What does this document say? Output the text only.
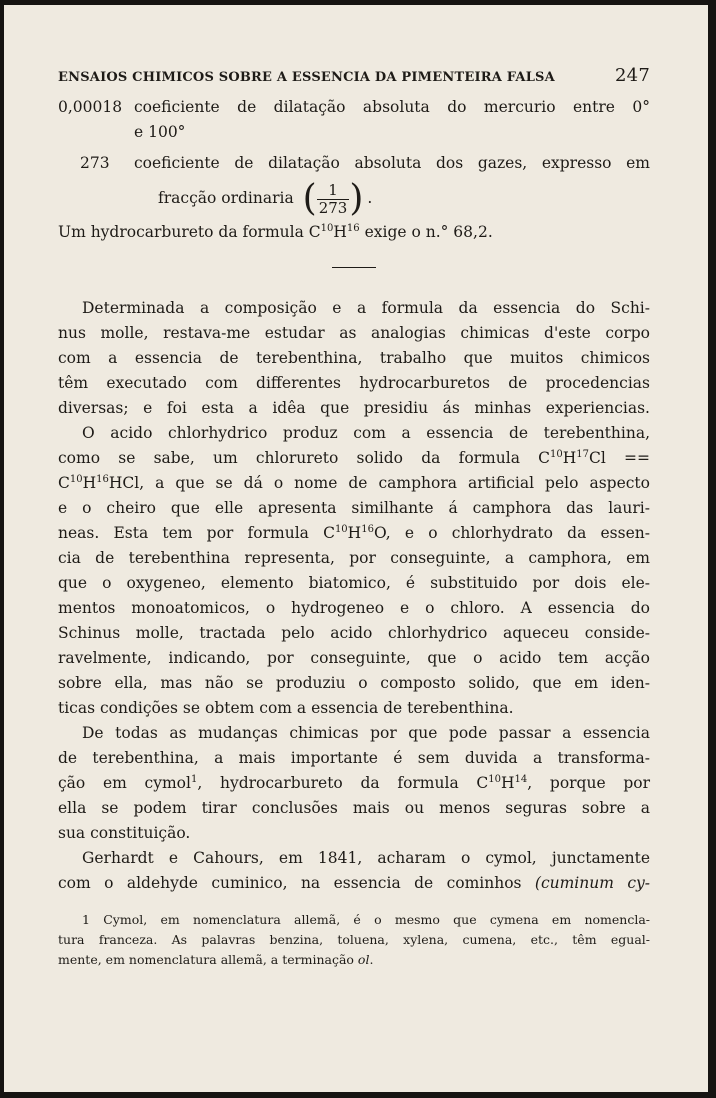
ENSAIOS CHIMICOS SOBRE A ESSENCIA DA PIMENTEIRA FALSA	247
0,00018 coeficiente de dilatação absoluta do mercurio entre 0°
e 100°
273 coeficiente de dilatação absoluta dos gazes, expresso em
fracção ordinaria ( $\frac{1}{273}$ ) .
Um hydrocarbureto da formula $C^{10}H^{16}$ exige o n.° 68,2.
Determinada a composição e a formula da essencia do Schi-
nus molle, restava-me estudar as analogias chimicas d'este corpo
com a essencia de terebenthina, trabalho que muitos chimicos
têm executado com differentes hydrocarburetos de procedencias
diversas; e foi esta a idêa que presidiu ás minhas experiencias.
O acido chlorhydrico produz com a essencia de terebenthina,
como se sabe, um chlorureto solido da formula $C^{10}H^{17}Cl$ ==
$C^{10}H^{16}HCl$, a que se dá o nome de camphora artificial pelo aspecto
e o cheiro que elle apresenta similhante á camphora das lauri-
neas. Esta tem por formula $C^{10}H^{16}O$, e o chlorhydrato da essen-
cia de terebenthina representa, por conseguinte, a camphora, em
que o oxygeneo, elemento biatomico, é substituido por dois ele-
mentos monoatomicos, o hydrogeneo e o chloro. A essencia do
Schinus molle, tractada pelo acido chlorhydrico aqueceu conside-
ravelmente, indicando, por conseguinte, que o acido tem acção
sobre ella, mas não se produziu o composto solido, que em iden-
ticas condições se obtem com a essencia de terebenthina.
De todas as mudanças chimicas por que pode passar a essencia
de terebenthina, a mais importante é sem duvida a transforma-
ção em cymol$^1$, hydrocarbureto da formula $C^{10}H^{14}$, porque por
ella se podem tirar conclusões mais ou menos seguras sobre a
sua constituição.
Gerhardt e Cahours, em 1841, acharam o cymol, junctamente
com o aldehyde cuminico, na essencia de cominhos (cuminum cy-
1 Cymol, em nomenclatura allemã, é o mesmo que cymena em nomencla-
tura franceza. As palavras benzina, toluena, xylena, cumena, etc., têm egual-
mente, em nomenclatura allemã, a terminação ol.
